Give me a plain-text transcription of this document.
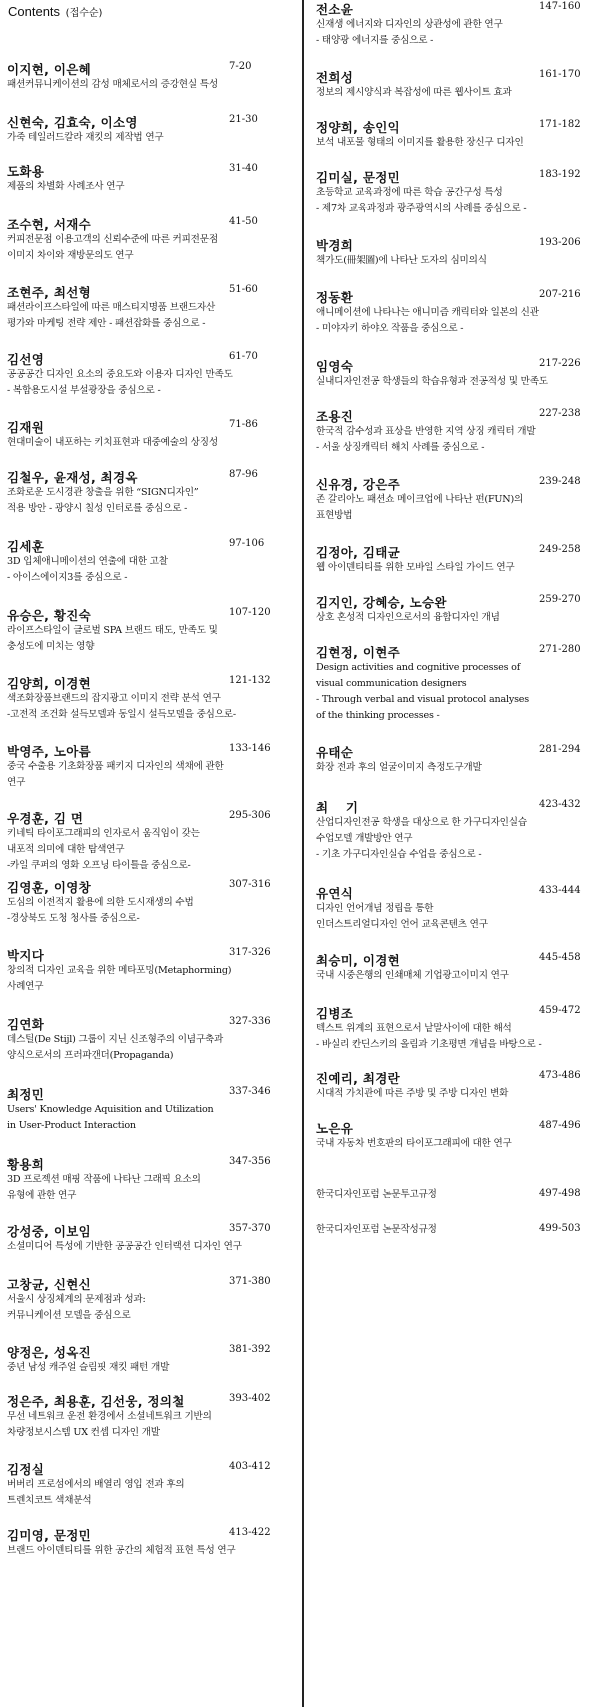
Contents (접수순)
이지현, 이은혜	7-20
패션커뮤니케이션의 감성 매체로서의 증강현실 특성
신현숙, 김효숙, 이소영	21-30
가죽 테일러드칼라 재킷의 제작법 연구
도화용	31-40
제품의 차별화 사례조사 연구
조수현, 서재수	41-50
커피전문점 이용고객의 신뢰수준에 따른 커피전문점
이미지 차이와 재방문의도 연구
조현주, 최선형	51-60
패션라이프스타일에 따른 매스티지명품 브랜드자산
평가와 마케팅 전략 제안 - 패션잡화를 중심으로 -
김선영	61-70
공공공간 디자인 요소의 중요도와 이용자 디자인 만족도
- 복합용도시설 부설광장을 중심으로 -
김재원	71-86
현대미술이 내포하는 키치표현과 대중예술의 상징성
김철우, 윤재성, 최경옥	87-96
조화로운 도시경관 창출을 위한 “SIGN디자인”
적용 방안 - 광양시 칠성 인터로를 중심으로 -
김세훈	97-106
3D 입체애니메이션의 연출에 대한 고찰
- 아이스에이지3를 중심으로 -
유승은, 황진숙	107-120
라이프스타일이 글로벌 SPA 브랜드 태도, 만족도 및
충성도에 미치는 영향
김양희, 이경현	121-132
색조화장품브랜드의 잡지광고 이미지 전략 분석 연구
-고전적 조건화 설득모델과 동일시 설득모델을 중심으로-
박영주, 노아름	133-146
중국 수출용 기초화장품 패키지 디자인의 색채에 관한
연구
우경훈, 김 면	295-306
키네틱 타이포그래피의 인자로서 움직임이 갖는
내포적 의미에 대한 탐색연구
-카일 쿠퍼의 영화 오프닝 타이틀을 중심으로-
김영훈, 이영창	307-316
도심의 이전적지 활용에 의한 도시재생의 수법
-경상북도 도청 청사를 중심으로-
박지다	317-326
창의적 디자인 교육을 위한 메타포밍(Metaphorming)
사례연구
김연화	327-336
데스틸(De Stijl) 그룹이 지닌 신조형주의 이념구축과
양식으로서의 프러파갠더(Propaganda)
최정민	337-346
Users' Knowledge Aquisition and Utilization
in User-Product Interaction
황용희	347-356
3D 프로젝션 매핑 작품에 나타난 그래픽 요소의
유형에 관한 연구
강성중, 이보임	357-370
소셜미디어 특성에 기반한 공공공간 인터랙션 디자인 연구
고창균, 신현신	371-380
서울시 상징체계의 문제점과 성과:
커뮤니케이션 모델을 중심으로
양정은, 성옥진	381-392
중년 남성 캐주얼 슬림핏 재킷 패턴 개발
정은주, 최용훈, 김선웅, 정의철	393-402
무선 네트워크 운전 환경에서 소셜네트워크 기반의
차량정보시스템 UX 컨셉 디자인 개발
김정실	403-412
버버리 프로섬에서의 배열리 영입 전과 후의
트렌치코트 색채분석
김미영, 문정민	413-422
브랜드 아이덴티티를 위한 공간의 체험적 표현 특성 연구
전소윤	147-160
신재생 에너지와 디자인의 상관성에 관한 연구
- 태양광 에너지를 중심으로 -
전희성	161-170
정보의 제시양식과 복잡성에 따른 웹사이트 효과
정양희, 송인익	171-182
보석 내포물 형태의 이미지를 활용한 장신구 디자인
김미실, 문정민	183-192
초등학교 교육과정에 따른 학습 공간구성 특성
- 제7차 교육과정과 광주광역시의 사례를 중심으로 -
박경희	193-206
책가도(冊架圖)에 나타난 도자의 심미의식
정동환	207-216
애니메이션에 나타나는 애니미즘 캐릭터와 일본의 신관
- 미야자키 하야오 작품을 중심으로 -
임영숙	217-226
실내디자인전공 학생들의 학습유형과 전공적성 및 만족도
조용진	227-238
한국적 감수성과 표상을 반영한 지역 상징 캐릭터 개발
- 서울 상징캐릭터 해치 사례를 중심으로 -
신유경, 강은주	239-248
존 갈리아노 패션쇼 메이크업에 나타난 펀(FUN)의
표현방법
김정아, 김태균	249-258
웹 아이덴티티를 위한 모바일 스타일 가이드 연구
김지인, 강혜승, 노승완	259-270
상호 혼성적 디자인으로서의 융합디자인 개념
김현정, 이현주	271-280
Design activities and cognitive processes of
visual communication designers
- Through verbal and visual protocol analyses
of the thinking processes -
유태순	281-294
화장 전과 후의 얼굴이미지 측정도구개발
최　 기	423-432
산업디자인전공 학생을 대상으로 한 가구디자인실습
수업모델 개발방안 연구
- 기초 가구디자인실습 수업을 중심으로 -
유연식	433-444
디자인 언어개념 정립을 통한
인더스트리얼디자인 언어 교육콘텐츠 연구
최승미, 이경현	445-458
국내 시중은행의 인쇄매체 기업광고이미지 연구
김병조	459-472
텍스트 위계의 표현으로서 낱말사이에 대한 해석
- 바실리 칸딘스키의 올림과 기초평면 개념을 바탕으로 -
진예리, 최경란	473-486
시대적 가치관에 따른 주방 및 주방 디자인 변화
노은유	487-496
국내 자동차 번호판의 타이포그래피에 대한 연구
한국디자인포럼 논문투고규정	497-498
한국디자인포럼 논문작성규정	499-503
